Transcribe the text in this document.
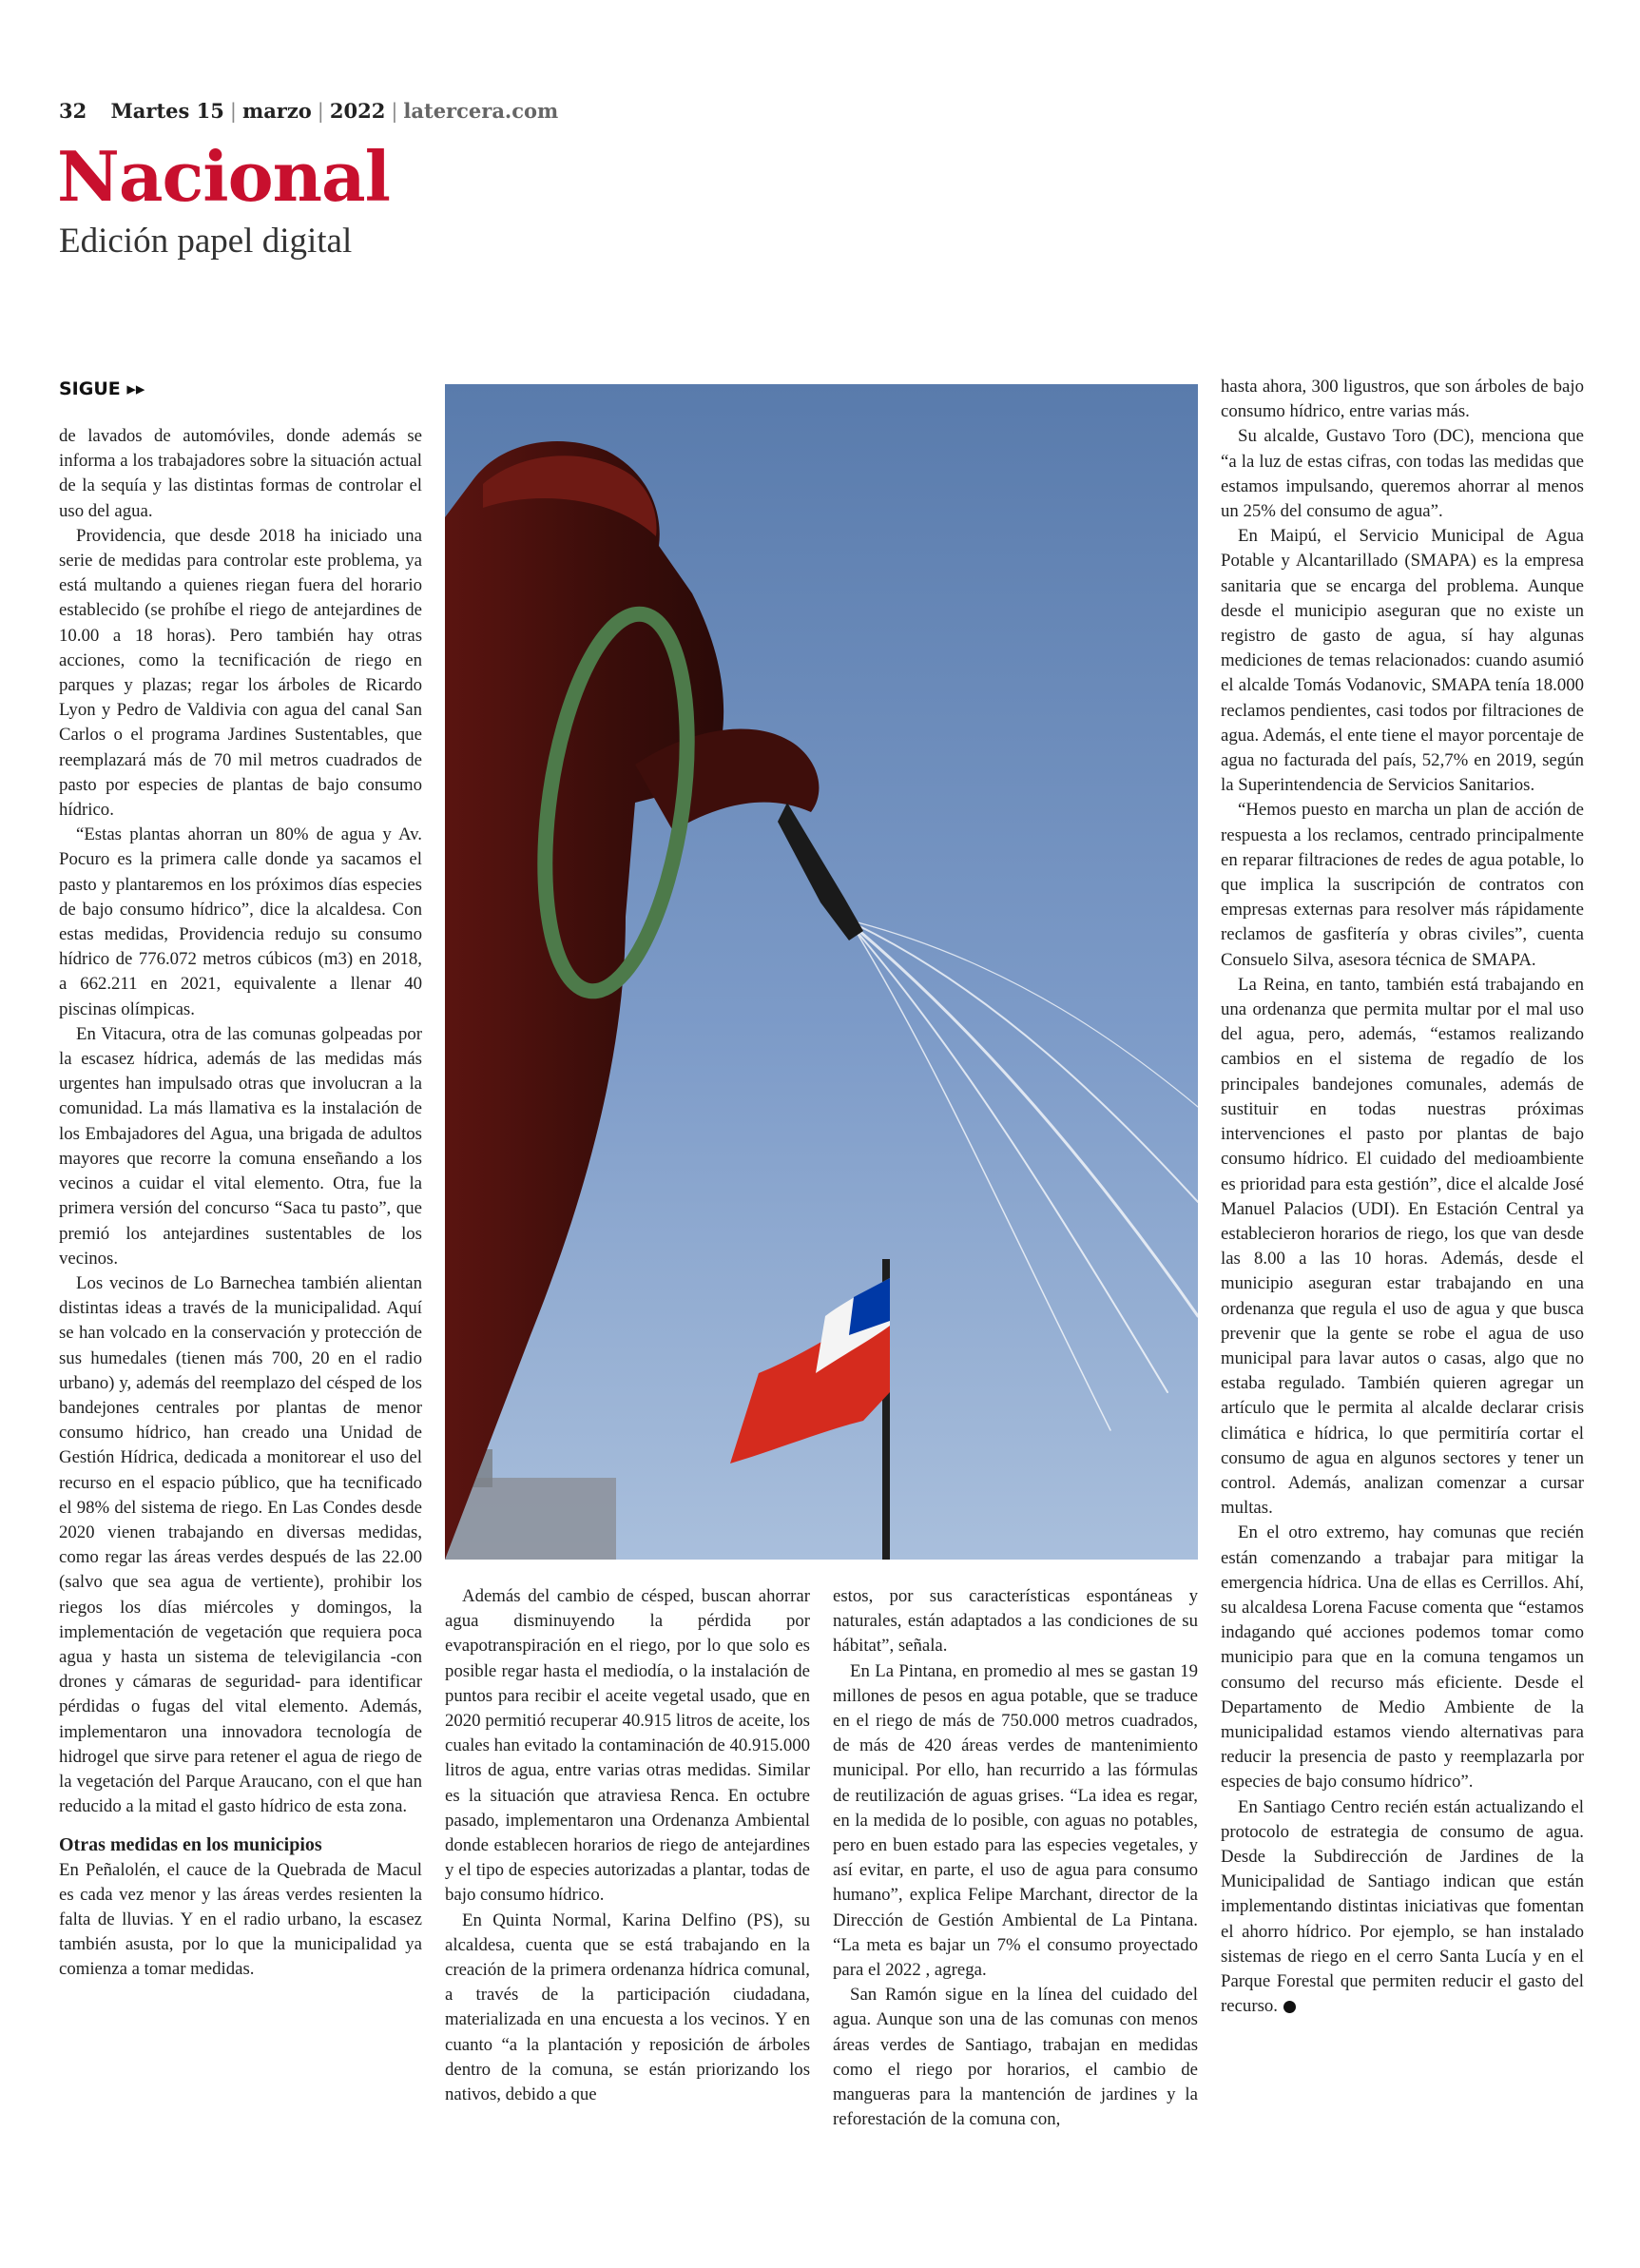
32 Martes 15 | marzo | 2022 | latercera.com
Nacional
Edición papel digital
SIGUE ▸▸

de lavados de automóviles, donde además se informa a los trabajadores sobre la situación actual de la sequía y las distintas formas de controlar el uso del agua.

Providencia, que desde 2018 ha iniciado una serie de medidas para controlar este problema, ya está multando a quienes riegan fuera del horario establecido (se prohíbe el riego de antejardines de 10.00 a 18 horas). Pero también hay otras acciones, como la tecnificación de riego en parques y plazas; regar los árboles de Ricardo Lyon y Pedro de Valdivia con agua del canal San Carlos o el programa Jardines Sustentables, que reemplazará más de 70 mil metros cuadrados de pasto por especies de plantas de bajo consumo hídrico.

“Estas plantas ahorran un 80% de agua y Av. Pocuro es la primera calle donde ya sacamos el pasto y plantaremos en los próximos días especies de bajo consumo hídrico”, dice la alcaldesa. Con estas medidas, Providencia redujo su consumo hídrico de 776.072 metros cúbicos (m3) en 2018, a 662.211 en 2021, equivalente a llenar 40 piscinas olímpicas.

En Vitacura, otra de las comunas golpeadas por la escasez hídrica, además de las medidas más urgentes han impulsado otras que involucran a la comunidad. La más llamativa es la instalación de los Embajadores del Agua, una brigada de adultos mayores que recorre la comuna enseñando a los vecinos a cuidar el vital elemento. Otra, fue la primera versión del concurso “Saca tu pasto”, que premió los antejardines sustentables de los vecinos.

Los vecinos de Lo Barnechea también alientan distintas ideas a través de la municipalidad. Aquí se han volcado en la conservación y protección de sus humedales (tienen más 700, 20 en el radio urbano) y, además del reemplazo del césped de los bandejones centrales por plantas de menor consumo hídrico, han creado una Unidad de Gestión Hídrica, dedicada a monitorear el uso del recurso en el espacio público, que ha tecnificado el 98% del sistema de riego. En Las Condes desde 2020 vienen trabajando en diversas medidas, como regar las áreas verdes después de las 22.00 (salvo que sea agua de vertiente), prohibir los riegos los días miércoles y domingos, la implementación de vegetación que requiera poca agua y hasta un sistema de televigilancia -con drones y cámaras de seguridad- para identificar pérdidas o fugas del vital elemento. Además, implementaron una innovadora tecnología de hidrogel que sirve para retener el agua de riego de la vegetación del Parque Araucano, con el que han reducido a la mitad el gasto hídrico de esta zona.

Otras medidas en los municipios

En Peñalolén, el cauce de la Quebrada de Macul es cada vez menor y las áreas verdes resienten la falta de lluvias. Y en el radio urbano, la escasez también asusta, por lo que la municipalidad ya comienza a tomar medidas.

Además del cambio de césped, buscan ahorrar agua disminuyendo la pérdida por evapotranspiración en el riego, por lo que solo es posible regar hasta el mediodía, o la instalación de puntos para recibir el aceite vegetal usado, que en 2020 permitió recuperar 40.915 litros de aceite, los cuales han evitado la contaminación de 40.915.000 litros de agua, entre varias otras medidas. Similar es la situación que atraviesa Renca. En octubre pasado, implementaron una Ordenanza Ambiental donde establecen horarios de riego de antejardines y el tipo de especies autorizadas a plantar, todas de bajo consumo hídrico.

En Quinta Normal, Karina Delfino (PS), su alcaldesa, cuenta que se está trabajando en la creación de la primera ordenanza hídrica comunal, a través de la participación ciudadana, materializada en una encuesta a los vecinos. Y en cuanto “a la plantación y reposición de árboles dentro de la comuna, se están priorizando los nativos, debido a que

estos, por sus características espontáneas y naturales, están adaptados a las condiciones de su hábitat”, señala.

En La Pintana, en promedio al mes se gastan 19 millones de pesos en agua potable, que se traduce en el riego de más de 750.000 metros cuadrados, de más de 420 áreas verdes de mantenimiento municipal. Por ello, han recurrido a las fórmulas de reutilización de aguas grises. “La idea es regar, en la medida de lo posible, con aguas no potables, pero en buen estado para las especies vegetales, y así evitar, en parte, el uso de agua para consumo humano”, explica Felipe Marchant, director de la Dirección de Gestión Ambiental de La Pintana. “La meta es bajar un 7% el consumo proyectado para el 2022 , agrega.

San Ramón sigue en la línea del cuidado del agua. Aunque son una de las comunas con menos áreas verdes de Santiago, trabajan en medidas como el riego por horarios, el cambio de mangueras para la mantención de jardines y la reforestación de la comuna con,

hasta ahora, 300 ligustros, que son árboles de bajo consumo hídrico, entre varias más.

Su alcalde, Gustavo Toro (DC), menciona que “a la luz de estas cifras, con todas las medidas que estamos impulsando, queremos ahorrar al menos un 25% del consumo de agua”.

En Maipú, el Servicio Municipal de Agua Potable y Alcantarillado (SMAPA) es la empresa sanitaria que se encarga del problema. Aunque desde el municipio aseguran que no existe un registro de gasto de agua, sí hay algunas mediciones de temas relacionados: cuando asumió el alcalde Tomás Vodanovic, SMAPA tenía 18.000 reclamos pendientes, casi todos por filtraciones de agua. Además, el ente tiene el mayor porcentaje de agua no facturada del país, 52,7% en 2019, según la Superintendencia de Servicios Sanitarios.

“Hemos puesto en marcha un plan de acción de respuesta a los reclamos, centrado principalmente en reparar filtraciones de redes de agua potable, lo que implica la suscripción de contratos con empresas externas para resolver más rápidamente reclamos de gasfitería y obras civiles”, cuenta Consuelo Silva, asesora técnica de SMAPA.

La Reina, en tanto, también está trabajando en una ordenanza que permita multar por el mal uso del agua, pero, además, “estamos realizando cambios en el sistema de regadío de los principales bandejones comunales, además de sustituir en todas nuestras próximas intervenciones el pasto por plantas de bajo consumo hídrico. El cuidado del medioambiente es prioridad para esta gestión”, dice el alcalde José Manuel Palacios (UDI). En Estación Central ya establecieron horarios de riego, los que van desde las 8.00 a las 10 horas. Además, desde el municipio aseguran estar trabajando en una ordenanza que regula el uso de agua y que busca prevenir que la gente se robe el agua de uso municipal para lavar autos o casas, algo que no estaba regulado. También quieren agregar un artículo que le permita al alcalde declarar crisis climática e hídrica, lo que permitiría cortar el consumo de agua en algunos sectores y tener un control. Además, analizan comenzar a cursar multas.

En el otro extremo, hay comunas que recién están comenzando a trabajar para mitigar la emergencia hídrica. Una de ellas es Cerrillos. Ahí, su alcaldesa Lorena Facuse comenta que “estamos indagando qué acciones podemos tomar como municipio para que en la comuna tengamos un consumo del recurso más eficiente. Desde el Departamento de Medio Ambiente de la municipalidad estamos viendo alternativas para reducir la presencia de pasto y reemplazarla por especies de bajo consumo hídrico”.

En Santiago Centro recién están actualizando el protocolo de estrategia de consumo de agua. Desde la Subdirección de Jardines de la Municipalidad de Santiago indican que están implementando distintas iniciativas que fomentan el ahorro hídrico. Por ejemplo, se han instalado sistemas de riego en el cerro Santa Lucía y en el Parque Forestal que permiten reducir el gasto del recurso.
